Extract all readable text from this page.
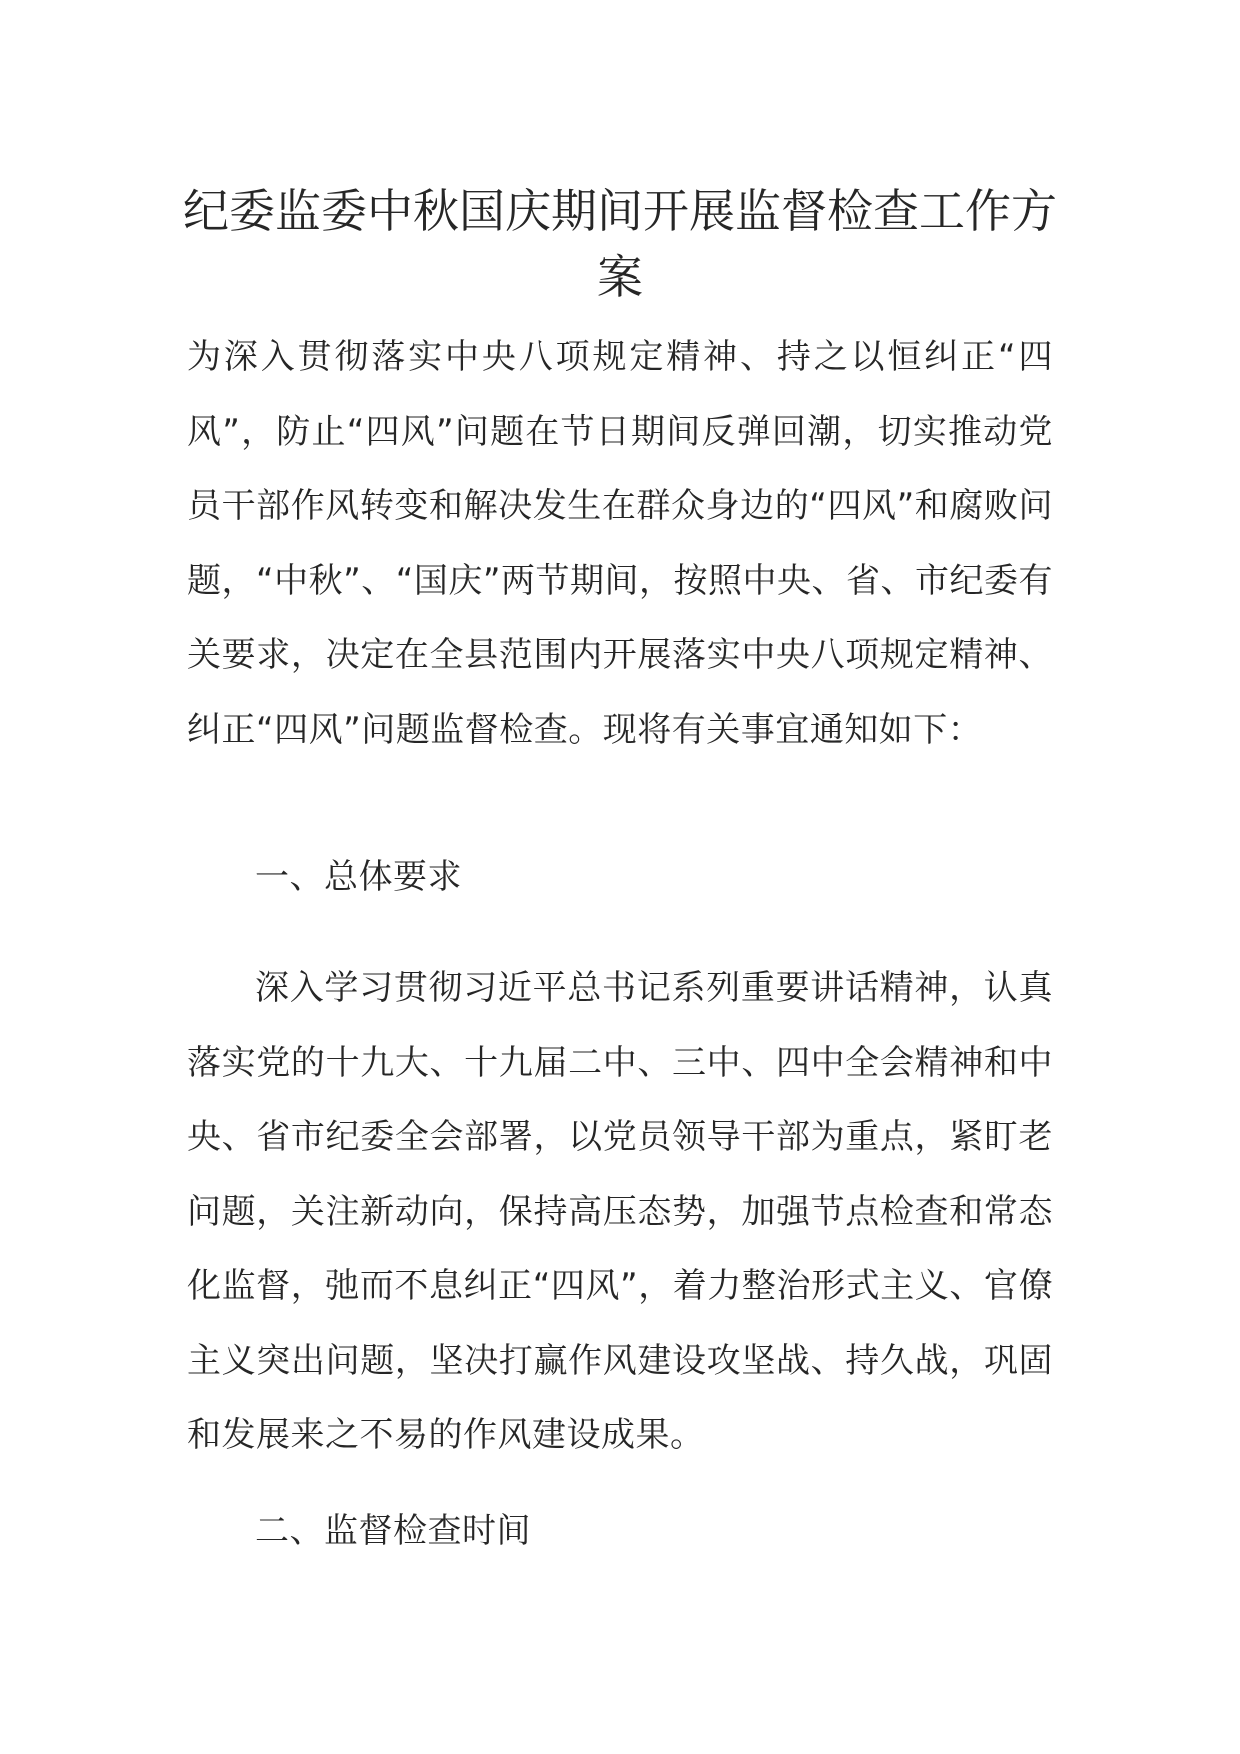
纪委监委中秋国庆期间开展监督检查工作方案

为深入贯彻落实中央八项规定精神、持之以恒纠正“四风”，防止“四风”问题在节日期间反弹回潮，切实推动党员干部作风转变和解决发生在群众身边的“四风”和腐败问题，“中秋”、“国庆”两节期间，按照中央、省、市纪委有关要求，决定在全县范围内开展落实中央八项规定精神、纠正“四风”问题监督检查。现将有关事宜通知如下：

一、总体要求

深入学习贯彻习近平总书记系列重要讲话精神，认真落实党的十九大、十九届二中、三中、四中全会精神和中央、省市纪委全会部署，以党员领导干部为重点，紧盯老问题，关注新动向，保持高压态势，加强节点检查和常态化监督，弛而不息纠正“四风”，着力整治形式主义、官僚主义突出问题，坚决打赢作风建设攻坚战、持久战，巩固和发展来之不易的作风建设成果。

二、监督检查时间
